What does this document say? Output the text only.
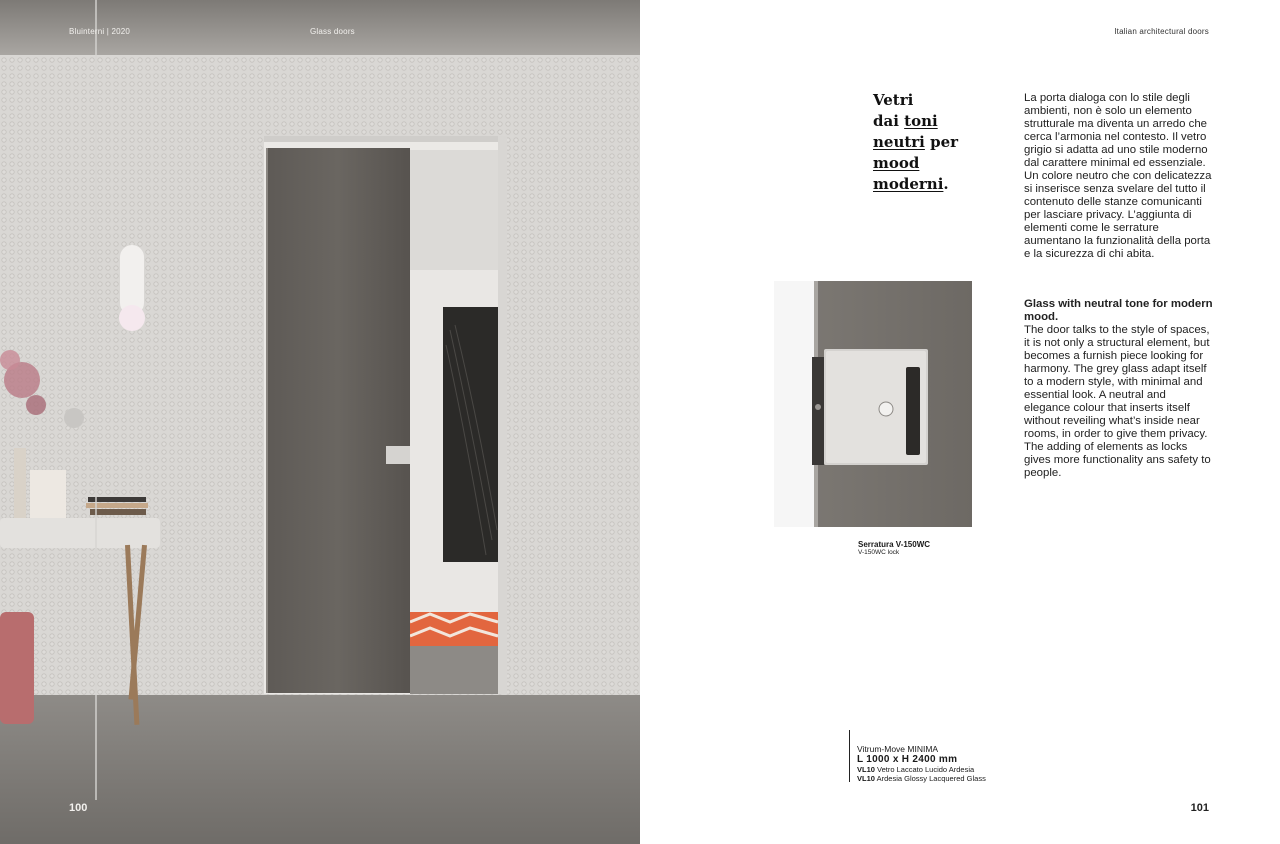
Bluinterni | 2020	Glass doors
100
Italian architectural doors
Vetri
dai toni
neutri per
mood
moderni.

La porta dialoga con lo stile degli ambienti, non è solo un elemento strutturale ma diventa un arredo che cerca l’armonia nel contesto. Il vetro grigio si adatta ad uno stile moderno dal carattere minimal ed essenziale. Un colore neutro che con delicatezza si inserisce senza svelare del tutto il contenuto delle stanze comunicanti per lasciare privacy. L’aggiunta di elementi come le serrature aumentano la funzionalità della porta e la sicurezza di chi abita.

Glass with neutral tone for modern mood.
The door talks to the style of spaces, it is not only a structural element, but becomes a furnish piece looking for harmony. The grey glass adapt itself to a modern style, with minimal and essential look. A neutral and elegance colour that inserts itself without reveiling what’s inside near rooms, in order to give them privacy. The adding of elements as locks gives more functionality ans safety to people.
Serratura V-150WC
V-150WC lock
Vitrum-Move MINIMA
L 1000 x H 2400 mm
VL10 Vetro Laccato Lucido Ardesia
VL10 Ardesia Glossy Lacquered Glass
101
